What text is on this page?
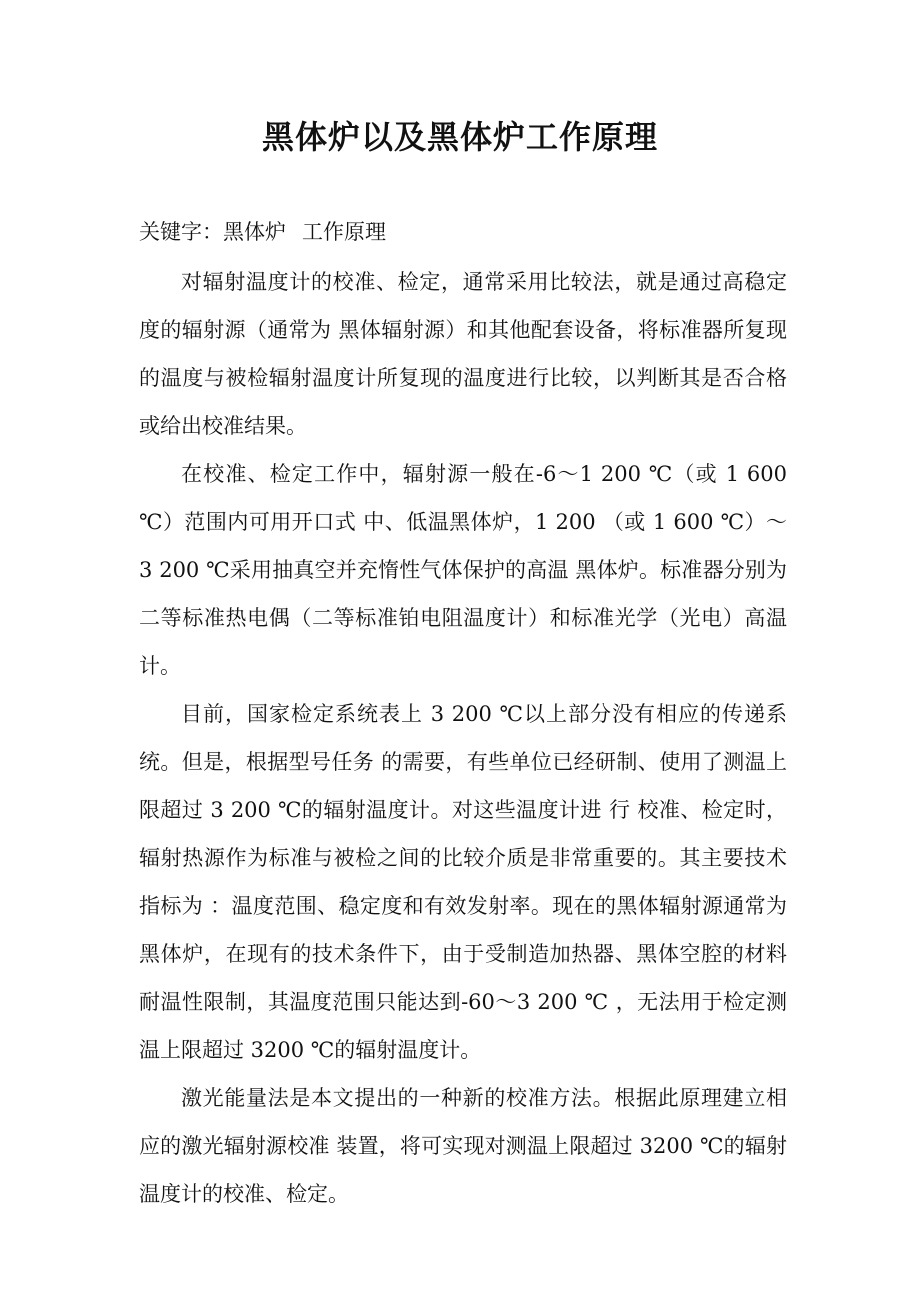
黑体炉以及黑体炉工作原理

关键字：黑体炉 工作原理

对辐射温度计的校准、检定，通常采用比较法，就是通过高稳定度的辐射源（通常为 黑体辐射源）和其他配套设备，将标准器所复现的温度与被检辐射温度计所复现的温度进行比较，以判断其是否合格或给出校准结果。

在校准、检定工作中，辐射源一般在-6～1 200 ℃（或 1 600 ℃）范围内可用开口式 中、低温黑体炉，1 200 （或 1 600 ℃）～3 200 ℃采用抽真空并充惰性气体保护的高温 黑体炉。标准器分别为二等标准热电偶（二等标准铂电阻温度计）和标准光学（光电）高温计。

目前，国家检定系统表上 3 200 ℃以上部分没有相应的传递系统。但是，根据型号任务 的需要，有些单位已经研制、使用了测温上限超过 3 200 ℃的辐射温度计。对这些温度计进 行 校准、检定时，辐射热源作为标准与被检之间的比较介质是非常重要的。其主要技术指标为 ：温度范围、稳定度和有效发射率。现在的黑体辐射源通常为黑体炉，在现有的技术条件下，由于受制造加热器、黑体空腔的材料耐温性限制，其温度范围只能达到-60～3 200 ℃ ，无法用于检定测温上限超过 3200 ℃的辐射温度计。

激光能量法是本文提出的一种新的校准方法。根据此原理建立相应的激光辐射源校准 装置，将可实现对测温上限超过 3200 ℃的辐射温度计的校准、检定。
